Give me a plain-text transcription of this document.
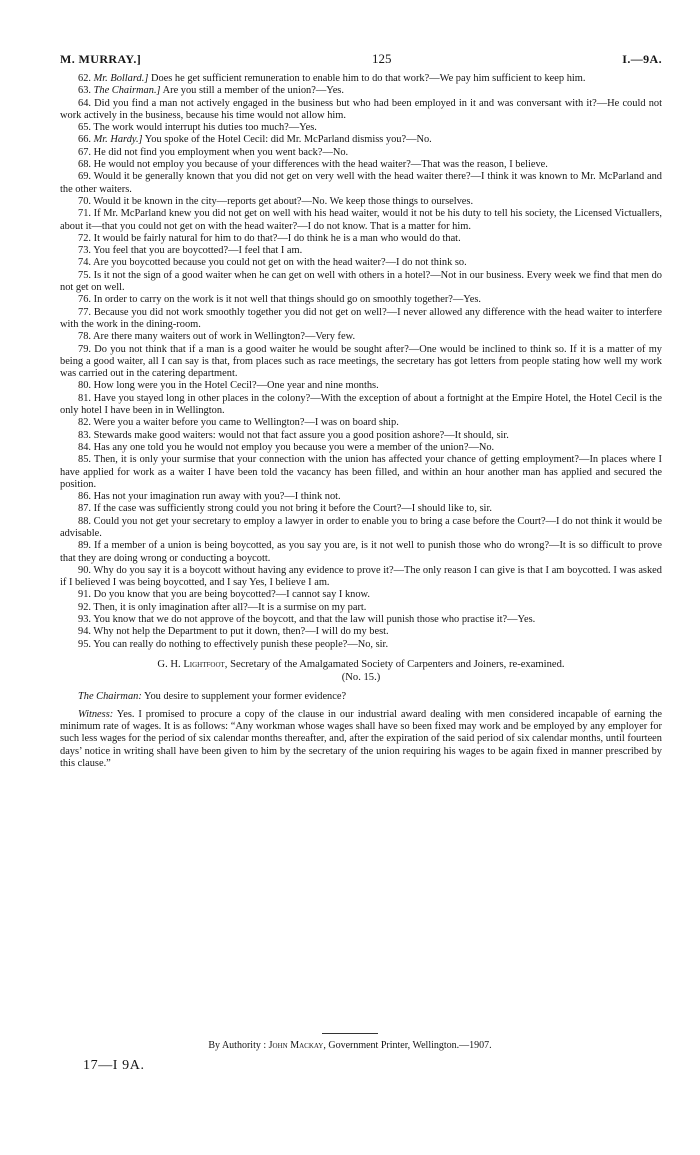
M. MURRAY.]	125	I.—9A.

62. Mr. Bollard.] Does he get sufficient remuneration to enable him to do that work?—We pay him sufficient to keep him.

63. The Chairman.] Are you still a member of the union?—Yes.

64. Did you find a man not actively engaged in the business but who had been employed in it and was conversant with it?—He could not work actively in the business, because his time would not allow him.

65. The work would interrupt his duties too much?—Yes.

66. Mr. Hardy.] You spoke of the Hotel Cecil: did Mr. McParland dismiss you?—No.

67. He did not find you employment when you went back?—No.

68. He would not employ you because of your differences with the head waiter?—That was the reason, I believe.

69. Would it be generally known that you did not get on very well with the head waiter there?—I think it was known to Mr. McParland and the other waiters.

70. Would it be known in the city—reports get about?—No. We keep those things to ourselves.

71. If Mr. McParland knew you did not get on well with his head waiter, would it not be his duty to tell his society, the Licensed Victuallers, about it—that you could not get on with the head waiter?—I do not know. That is a matter for him.

72. It would be fairly natural for him to do that?—I do think he is a man who would do that.

73. You feel that you are boycotted?—I feel that I am.

74. Are you boycotted because you could not get on with the head waiter?—I do not think so.

75. Is it not the sign of a good waiter when he can get on well with others in a hotel?—Not in our business. Every week we find that men do not get on well.

76. In order to carry on the work is it not well that things should go on smoothly together?—Yes.

77. Because you did not work smoothly together you did not get on well?—I never allowed any difference with the head waiter to interfere with the work in the dining-room.

78. Are there many waiters out of work in Wellington?—Very few.

79. Do you not think that if a man is a good waiter he would be sought after?—One would be inclined to think so. If it is a matter of my being a good waiter, all I can say is that, from places such as race meetings, the secretary has got letters from people stating how well my work was carried out in the catering department.

80. How long were you in the Hotel Cecil?—One year and nine months.

81. Have you stayed long in other places in the colony?—With the exception of about a fortnight at the Empire Hotel, the Hotel Cecil is the only hotel I have been in in Wellington.

82. Were you a waiter before you came to Wellington?—I was on board ship.

83. Stewards make good waiters: would not that fact assure you a good position ashore?—It should, sir.

84. Has any one told you he would not employ you because you were a member of the union?—No.

85. Then, it is only your surmise that your connection with the union has affected your chance of getting employment?—In places where I have applied for work as a waiter I have been told the vacancy has been filled, and within an hour another man has applied and secured the position.

86. Has not your imagination run away with you?—I think not.

87. If the case was sufficiently strong could you not bring it before the Court?—I should like to, sir.

88. Could you not get your secretary to employ a lawyer in order to enable you to bring a case before the Court?—I do not think it would be advisable.

89. If a member of a union is being boycotted, as you say you are, is it not well to punish those who do wrong?—It is so difficult to prove that they are doing wrong or conducting a boycott.

90. Why do you say it is a boycott without having any evidence to prove it?—The only reason I can give is that I am boycotted. I was asked if I believed I was being boycotted, and I say Yes, I believe I am.

91. Do you know that you are being boycotted?—I cannot say I know.

92. Then, it is only imagination after all?—It is a surmise on my part.

93. You know that we do not approve of the boycott, and that the law will punish those who practise it?—Yes.

94. Why not help the Department to put it down, then?—I will do my best.

95. You can really do nothing to effectively punish these people?—No, sir.

G. H. Lightfoot, Secretary of the Amalgamated Society of Carpenters and Joiners, re-examined.
(No. 15.)

The Chairman: You desire to supplement your former evidence?

Witness: Yes. I promised to procure a copy of the clause in our industrial award dealing with men considered incapable of earning the minimum rate of wages. It is as follows: “Any workman whose wages shall have so been fixed may work and be employed by any employer for such less wages for the period of six calendar months thereafter, and, after the expiration of the said period of six calendar months, until fourteen days’ notice in writing shall have been given to him by the secretary of the union requiring his wages to be again fixed in manner prescribed by this clause.”

By Authority : John Mackay, Government Printer, Wellington.—1907.
17—I 9A.
